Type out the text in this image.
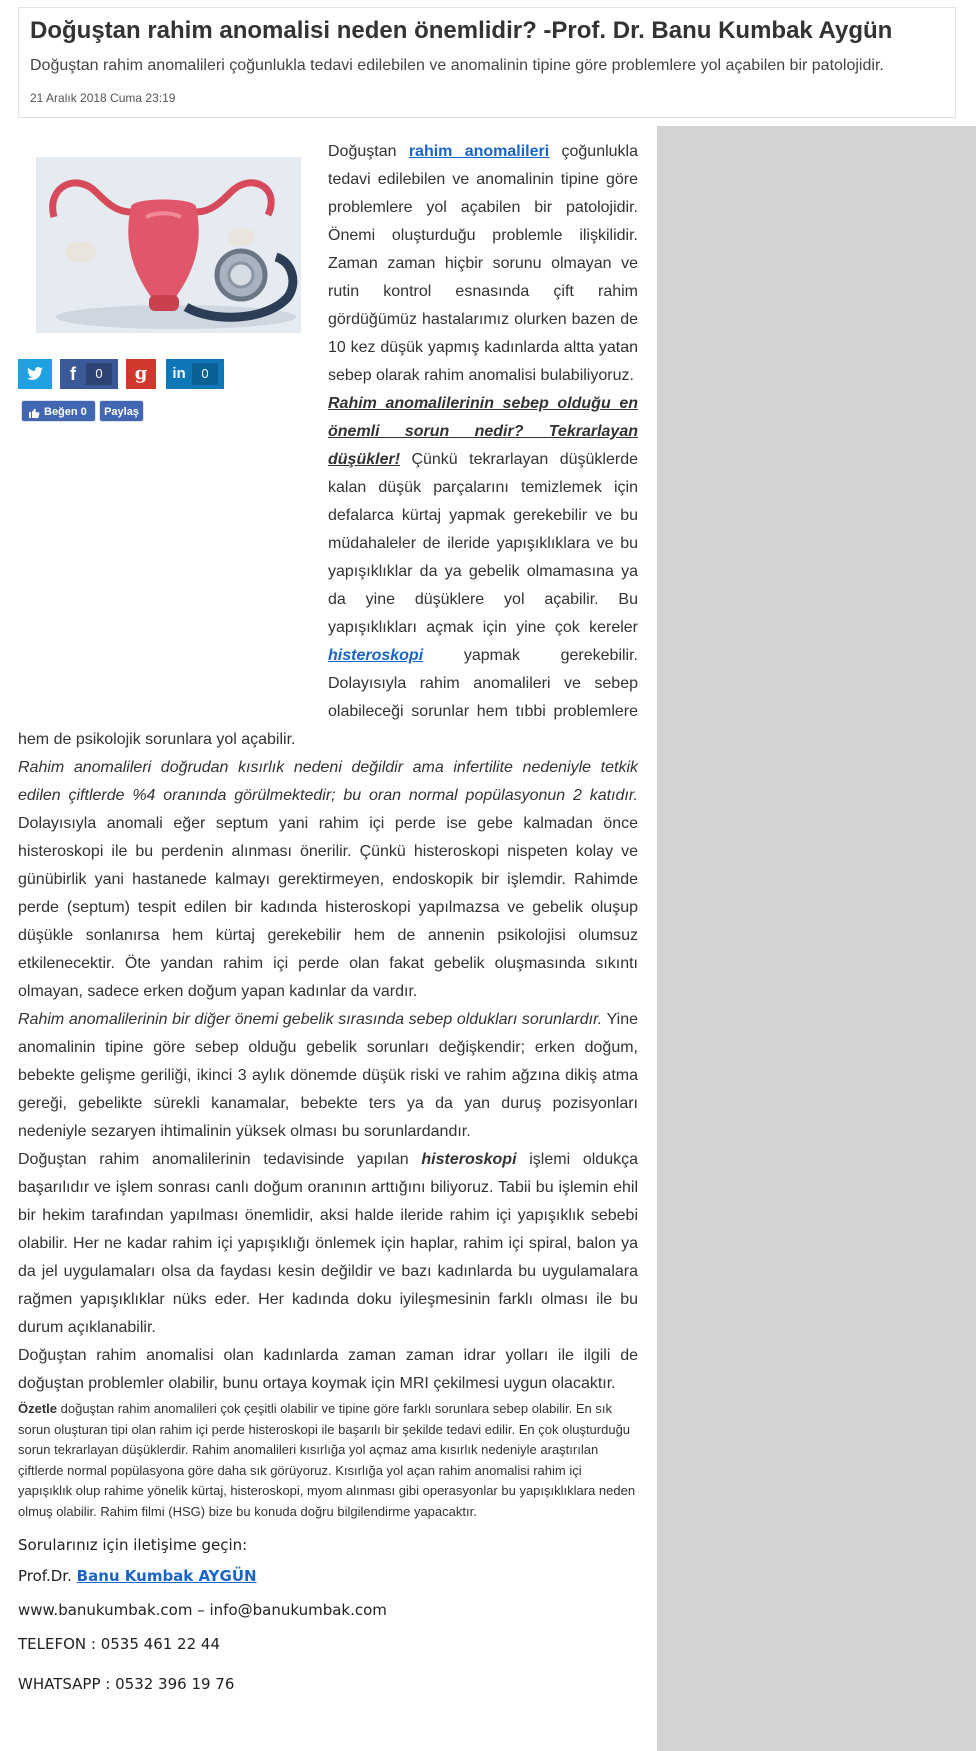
Doğuştan rahim anomalisi neden önemlidir? -Prof. Dr. Banu Kumbak Aygün

Doğuştan rahim anomalileri çoğunlukla tedavi edilebilen ve anomalinin tipine göre problemlere yol açabilen bir patolojidir.

21 Aralık 2018 Cuma 23:19
f	0	g	in	0
Beğen 0	Paylaş

Doğuştan rahim anomalileri çoğunlukla tedavi edilebilen ve anomalinin tipine göre problemlere yol açabilen bir patolojidir. Önemi oluşturduğu problemle ilişkilidir. Zaman zaman hiçbir sorunu olmayan ve rutin kontrol esnasında çift rahim gördüğümüz hastalarımız olurken bazen de 10 kez düşük yapmış kadınlarda altta yatan sebep olarak rahim anomalisi bulabiliyoruz.

Rahim anomalilerinin sebep olduğu en önemli sorun nedir? Tekrarlayan düşükler! Çünkü tekrarlayan düşüklerde kalan düşük parçalarını temizlemek için defalarca kürtaj yapmak gerekebilir ve bu müdahaleler de ileride yapışıklıklara ve bu yapışıklıklar da ya gebelik olmamasına ya da yine düşüklere yol açabilir. Bu yapışıklıkları açmak için yine çok kereler histeroskopi yapmak gerekebilir. Dolayısıyla rahim anomalileri ve sebep olabileceği sorunlar hem tıbbi problemlere hem de psikolojik sorunlara yol açabilir.

Rahim anomalileri doğrudan kısırlık nedeni değildir ama infertilite nedeniyle tetkik edilen çiftlerde %4 oranında görülmektedir; bu oran normal popülasyonun 2 katıdır. Dolayısıyla anomali eğer septum yani rahim içi perde ise gebe kalmadan önce histeroskopi ile bu perdenin alınması önerilir. Çünkü histeroskopi nispeten kolay ve günübirlik yani hastanede kalmayı gerektirmeyen, endoskopik bir işlemdir. Rahimde perde (septum) tespit edilen bir kadında histeroskopi yapılmazsa ve gebelik oluşup düşükle sonlanırsa hem kürtaj gerekebilir hem de annenin psikolojisi olumsuz etkilenecektir. Öte yandan rahim içi perde olan fakat gebelik oluşmasında sıkıntı olmayan, sadece erken doğum yapan kadınlar da vardır.

Rahim anomalilerinin bir diğer önemi gebelik sırasında sebep oldukları sorunlardır. Yine anomalinin tipine göre sebep olduğu gebelik sorunları değişkendir; erken doğum, bebekte gelişme geriliği, ikinci 3 aylık dönemde düşük riski ve rahim ağzına dikiş atma gereği, gebelikte sürekli kanamalar, bebekte ters ya da yan duruş pozisyonları nedeniyle sezaryen ihtimalinin yüksek olması bu sorunlardandır.

Doğuştan rahim anomalilerinin tedavisinde yapılan histeroskopi işlemi oldukça başarılıdır ve işlem sonrası canlı doğum oranının arttığını biliyoruz. Tabii bu işlemin ehil bir hekim tarafından yapılması önemlidir, aksi halde ileride rahim içi yapışıklık sebebi olabilir. Her ne kadar rahim içi yapışıklığı önlemek için haplar, rahim içi spiral, balon ya da jel uygulamaları olsa da faydası kesin değildir ve bazı kadınlarda bu uygulamalara rağmen yapışıklıklar nüks eder. Her kadında doku iyileşmesinin farklı olması ile bu durum açıklanabilir.

Doğuştan rahim anomalisi olan kadınlarda zaman zaman idrar yolları ile ilgili de doğuştan problemler olabilir, bunu ortaya koymak için MRI çekilmesi uygun olacaktır.

Özetle doğuştan rahim anomalileri çok çeşitli olabilir ve tipine göre farklı sorunlara sebep olabilir. En sık sorun oluşturan tipi olan rahim içi perde histeroskopi ile başarılı bir şekilde tedavi edilir. En çok oluşturduğu sorun tekrarlayan düşüklerdir. Rahim anomalileri kısırlığa yol açmaz ama kısırlık nedeniyle araştırılan çiftlerde normal popülasyona göre daha sık görüyoruz. Kısırlığa yol açan rahim anomalisi rahim içi yapışıklık olup rahime yönelik kürtaj, histeroskopi, myom alınması gibi operasyonlar bu yapışıklıklara neden olmuş olabilir. Rahim filmi (HSG) bize bu konuda doğru bilgilendirme yapacaktır.

Sorularınız için iletişime geçin:

Prof.Dr. Banu Kumbak AYGÜN

www.banukumbak.com – info@banukumbak.com

TELEFON : 0535 461 22 44

WHATSAPP : 0532 396 19 76
